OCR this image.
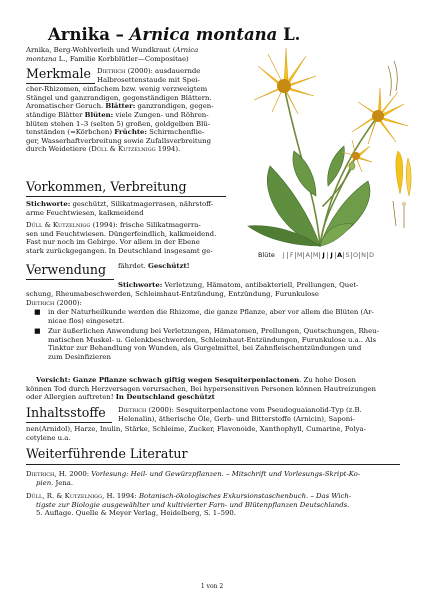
Arnika – Arnica montana L.
Arnika, Berg-Wohlverleih und Wundkraut (Arnica
montana L., Familie Korbblütler—Compositae)
Merkmale Dietrich (2000): ausdauernde
Halbrosettenstaude mit Spei-
cher-Rhizomen, einfachem bzw. wenig verzweigtem
Stängel und ganzrandigen, gegenständigen Blättern.
Aromatischer Geruch. Blätter: ganzrandigen, gegen-
ständige Blätter Blüten: viele Zungen- und Röhren-
blüten stehen 1–3 (selten 5) großen, goldgelben Blü-
tenständen (=Körbchen) Früchte: Schirmchenflie-
ger, Wasserhaftverbreitung sowie Zufallsverbreitung
durch Weidetiere (Düll & Kutzelnigg 1994).
Vorkommen, Verbreitung
Stichworte: geschützt, Silikatmagerrasen, nährstoff-
arme Feuchtwiesen, kalkmeidend
Düll & Kutzelnigg (1994): frische Silikatmagerra-
sen und Feuchtwiesen. Düngerfeindlich, kalkmeidend.
Fast nur noch im Gebirge. Vor allem in der Ebene
stark zurückgegangen. In Deutschland insgesamt ge-
Verwendung fährdet. Geschützt!
Blüte J F M A M J J A S O N D
Stichworte: Verletzung, Hämatom, antibakteriell, Prellungen, Quet-
schung, Rheumabeschwerden, Schleimhaut-Entzündung, Entzündung, Furunkulose
Dietrich (2000):
■ in der Naturheilkunde werden die Rhizome, die ganze Pflanze, aber vor allem die Blüten (Ar-
nicae flos) eingesetzt.
■ Zur äußerlichen Anwendung bei Verletzungen, Hämatomen, Prellungen, Quetschungen, Rheu-
matischen Muskel- u. Gelenkbeschwerden, Schleimhaut-Entzündungen, Furunkulose u.a.. Als
Tinktur zur Behandlung von Wunden, als Gurgelmittel, bei Zahnfleischentzündungen und
zum Desinfizieren
Vorsicht: Ganze Pflanze schwach giftig wegen Sesquiterpenlactonen. Zu hohe Dosen
können Tod durch Herzversagen verursachen, Bei hypersensitiven Personen können Hautreizungen
oder Allergien auftreten! In Deutschland geschützt
Inhaltsstoffe Dietrich (2000): Sesquiterpenlactone vom Pseudoguaianolid-Typ (z.B.
Helenalin), ätherische Öle, Gerb- und Bitterstoffe (Arnicin), Saponi-
nen(Arnidol), Harze, Inulin, Stärke, Schleime, Zucker, Flavonoide, Xanthophyll, Cumarine, Polya-
cetylene u.a.
Weiterführende Literatur
Dietrich, H. 2000: Vorlesung: Heil- und Gewürzpflanzen. – Mitschrift und Vorlesungs-Skript-Ko-
pien. Jena.
Düll, R. & Kutzelnigg, H. 1994: Botanisch-ökologisches Exkursionstaschenbuch. – Das Wich-
tigste zur Biologie ausgewählter und kultivierter Farn- und Blütenpflanzen Deutschlands.
5. Auflage. Quelle & Meyer Verlag, Heidelberg, S. 1–590.
1 von 2
